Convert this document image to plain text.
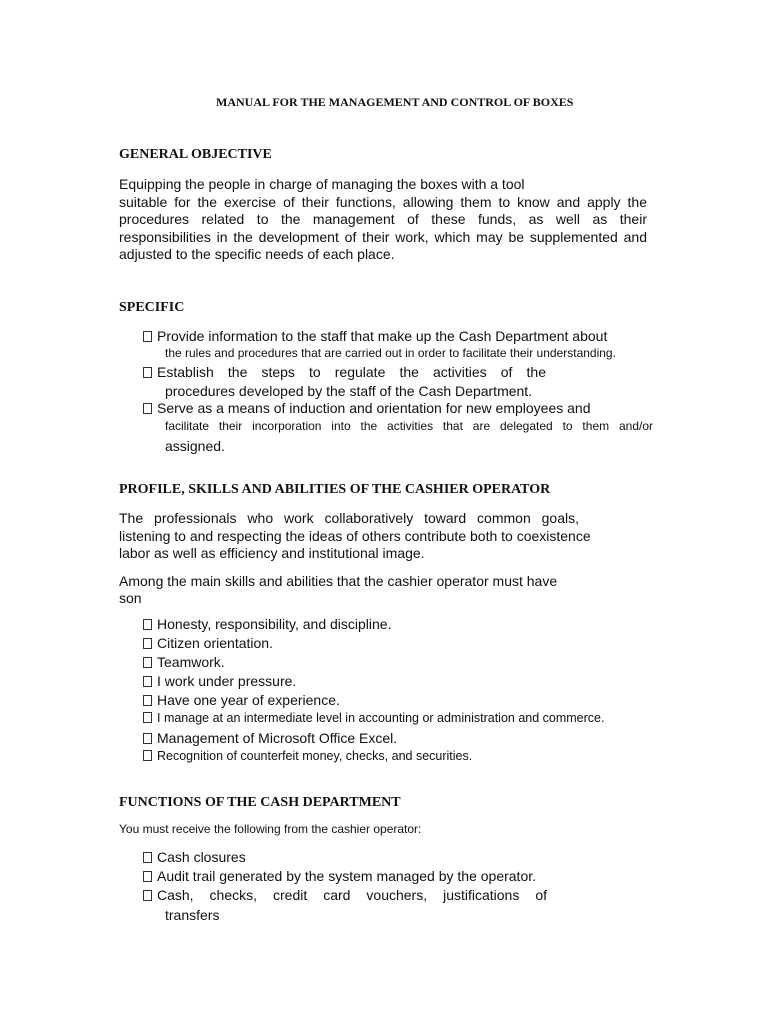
MANUAL FOR THE MANAGEMENT AND CONTROL OF BOXES
GENERAL OBJECTIVE
Equipping the people in charge of managing the boxes with a tool
suitable for the exercise of their functions, allowing them to know and apply the
procedures related to the management of these funds, as well as their
responsibilities in the development of their work, which may be supplemented and
adjusted to the specific needs of each place.
SPECIFIC
Provide information to the staff that make up the Cash Department about
the rules and procedures that are carried out in order to facilitate their understanding.
Establish the steps to regulate the activities of the
procedures developed by the staff of the Cash Department.
Serve as a means of induction and orientation for new employees and
facilitate their incorporation into the activities that are delegated to them and/or
assigned.
PROFILE, SKILLS AND ABILITIES OF THE CASHIER OPERATOR
The professionals who work collaboratively toward common goals,
listening to and respecting the ideas of others contribute both to coexistence
labor as well as efficiency and institutional image.
Among the main skills and abilities that the cashier operator must have
son
Honesty, responsibility, and discipline.
Citizen orientation.
Teamwork.
I work under pressure.
Have one year of experience.
I manage at an intermediate level in accounting or administration and commerce.
Management of Microsoft Office Excel.
Recognition of counterfeit money, checks, and securities.
FUNCTIONS OF THE CASH DEPARTMENT
You must receive the following from the cashier operator:
Cash closures
Audit trail generated by the system managed by the operator.
Cash, checks, credit card vouchers, justifications of
transfers
